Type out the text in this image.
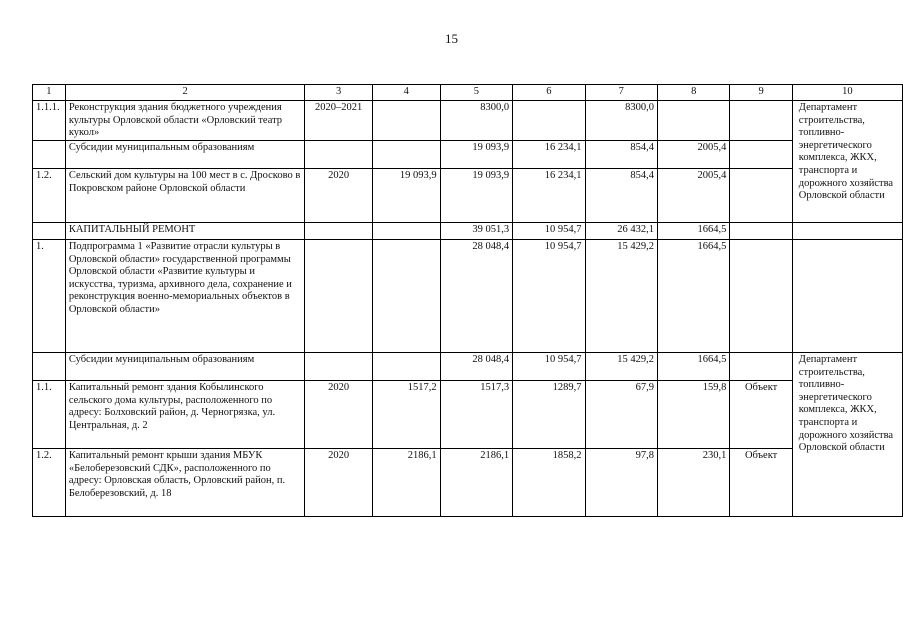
15
1	2	3	4	5	6	7	8	9	10
1.1.1.	Реконструкция здания бюджетного учреждения культуры Орловской области «Орловский театр кукол»	2020–2021		8300,0		8300,0			Департамент строительства, топливно-энергетического комплекса, ЖКХ, транспорта и дорожного хозяйства Орловской области
	Субсидии муниципальным образованиям			19 093,9	16 234,1	854,4	2005,4		
1.2.	Сельский дом культуры на 100 мест в с. Дросково в Покровском районе Орловской области	2020	19 093,9	19 093,9	16 234,1	854,4	2005,4		
	КАПИТАЛЬНЫЙ РЕМОНТ			39 051,3	10 954,7	26 432,1	1664,5		
1.	Подпрограмма 1 «Развитие отрасли культуры в Орловской области» государственной программы Орловской области «Развитие культуры и искусства, туризма, архивного дела, сохранение и реконструкция военно-мемориальных объектов в Орловской области»			28 048,4	10 954,7	15 429,2	1664,5		
	Субсидии муниципальным образованиям			28 048,4	10 954,7	15 429,2	1664,5		Департамент строительства, топливно-энергетического комплекса, ЖКХ, транспорта и дорожного хозяйства Орловской области
1.1.	Капитальный ремонт здания Кобылинского сельского дома культуры, расположенного по адресу: Болховский район, д. Черногрязка, ул. Центральная, д. 2	2020	1517,2	1517,3	1289,7	67,9	159,8	Объект	
1.2.	Капитальный ремонт крыши здания МБУК «Белоберезовский СДК», расположенного по адресу: Орловская область, Орловский район, п. Белоберезовский, д. 18	2020	2186,1	2186,1	1858,2	97,8	230,1	Объект	
